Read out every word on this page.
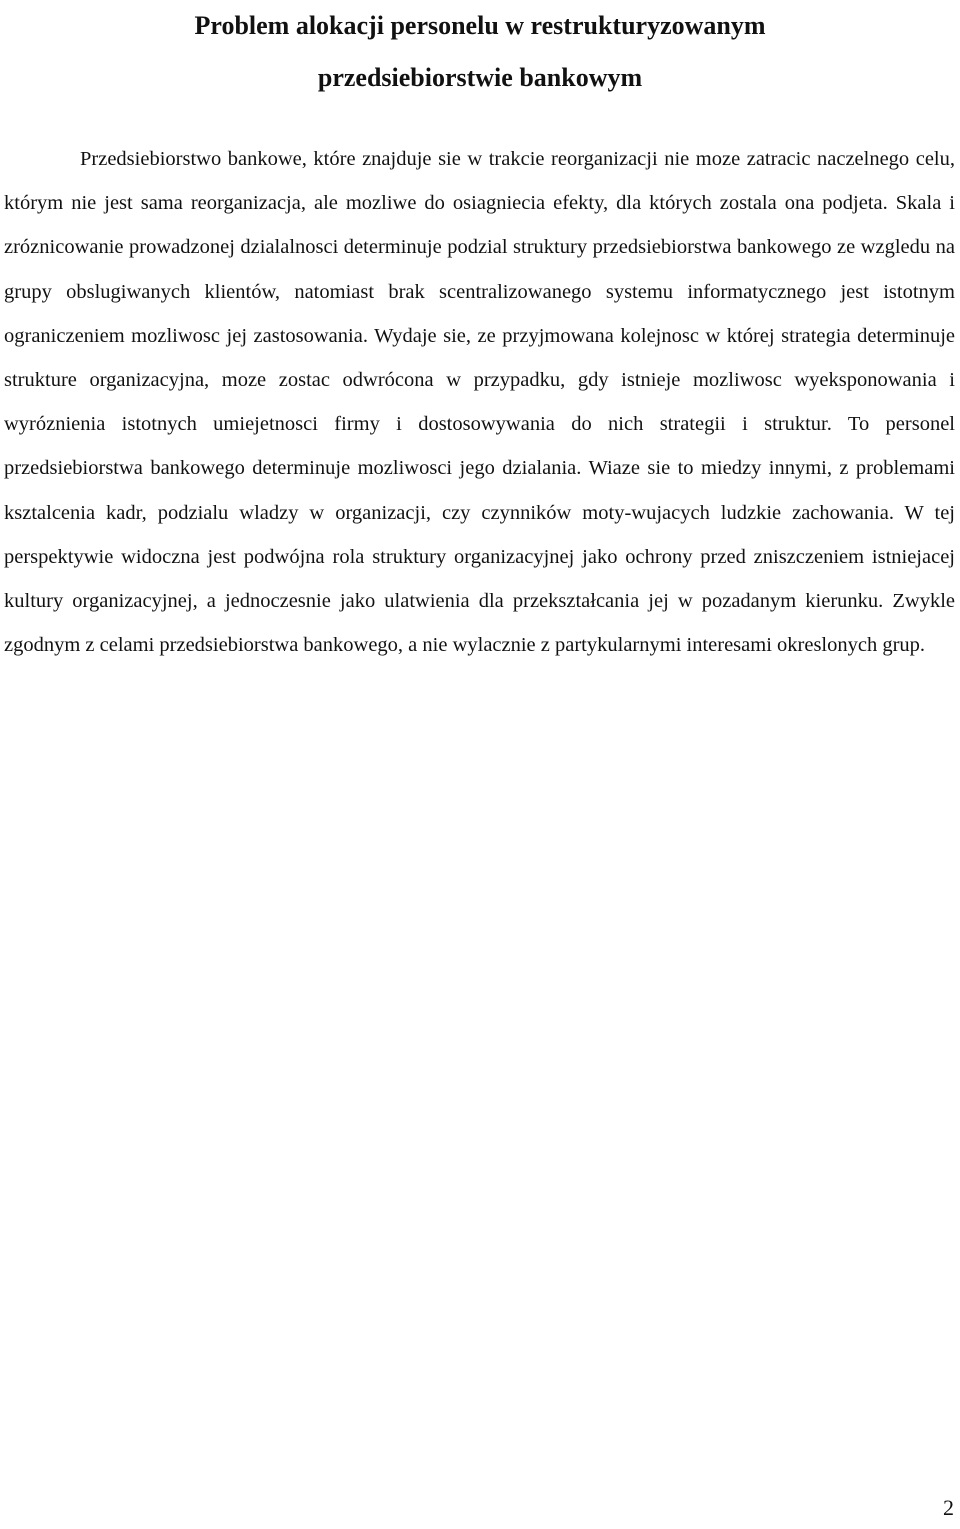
Problem alokacji personelu w restrukturyzowanym
przedsiebiorstwie bankowym

Przedsiebiorstwo bankowe, które znajduje sie w trakcie reorganizacji nie moze zatracic naczelnego celu, którym nie jest sama reorganizacja, ale mozliwe do osiagniecia efekty, dla których zostala ona podjeta. Skala i zróznicowanie prowadzonej dzialalnosci determinuje podzial struktury przedsiebiorstwa bankowego ze wzgledu na grupy obslugiwanych klientów, natomiast brak scentralizowanego systemu informatycznego jest istotnym ograniczeniem mozliwosc jej zastosowania. Wydaje sie, ze przyjmowana kolejnosc w której strategia determinuje strukture organizacyjna, moze zostac odwrócona w przypadku, gdy istnieje mozliwosc wyeksponowania i wyróznienia istotnych umiejetnosci firmy i dostosowywania do nich strategii i struktur. To personel przedsiebiorstwa bankowego determinuje mozliwosci jego dzialania. Wiaze sie to miedzy innymi, z problemami ksztalcenia kadr, podzialu wladzy w organizacji, czy czynników moty-wujacych ludzkie zachowania. W tej perspektywie widoczna jest podwójna rola struktury organizacyjnej jako ochrony przed zniszczeniem istniejacej kultury organizacyjnej, a jednoczesnie jako ulatwienia dla przekształcania jej w pozadanym kierunku. Zwykle zgodnym z celami przedsiebiorstwa bankowego, a nie wylacznie z partykularnymi interesami okreslonych grup.

2
